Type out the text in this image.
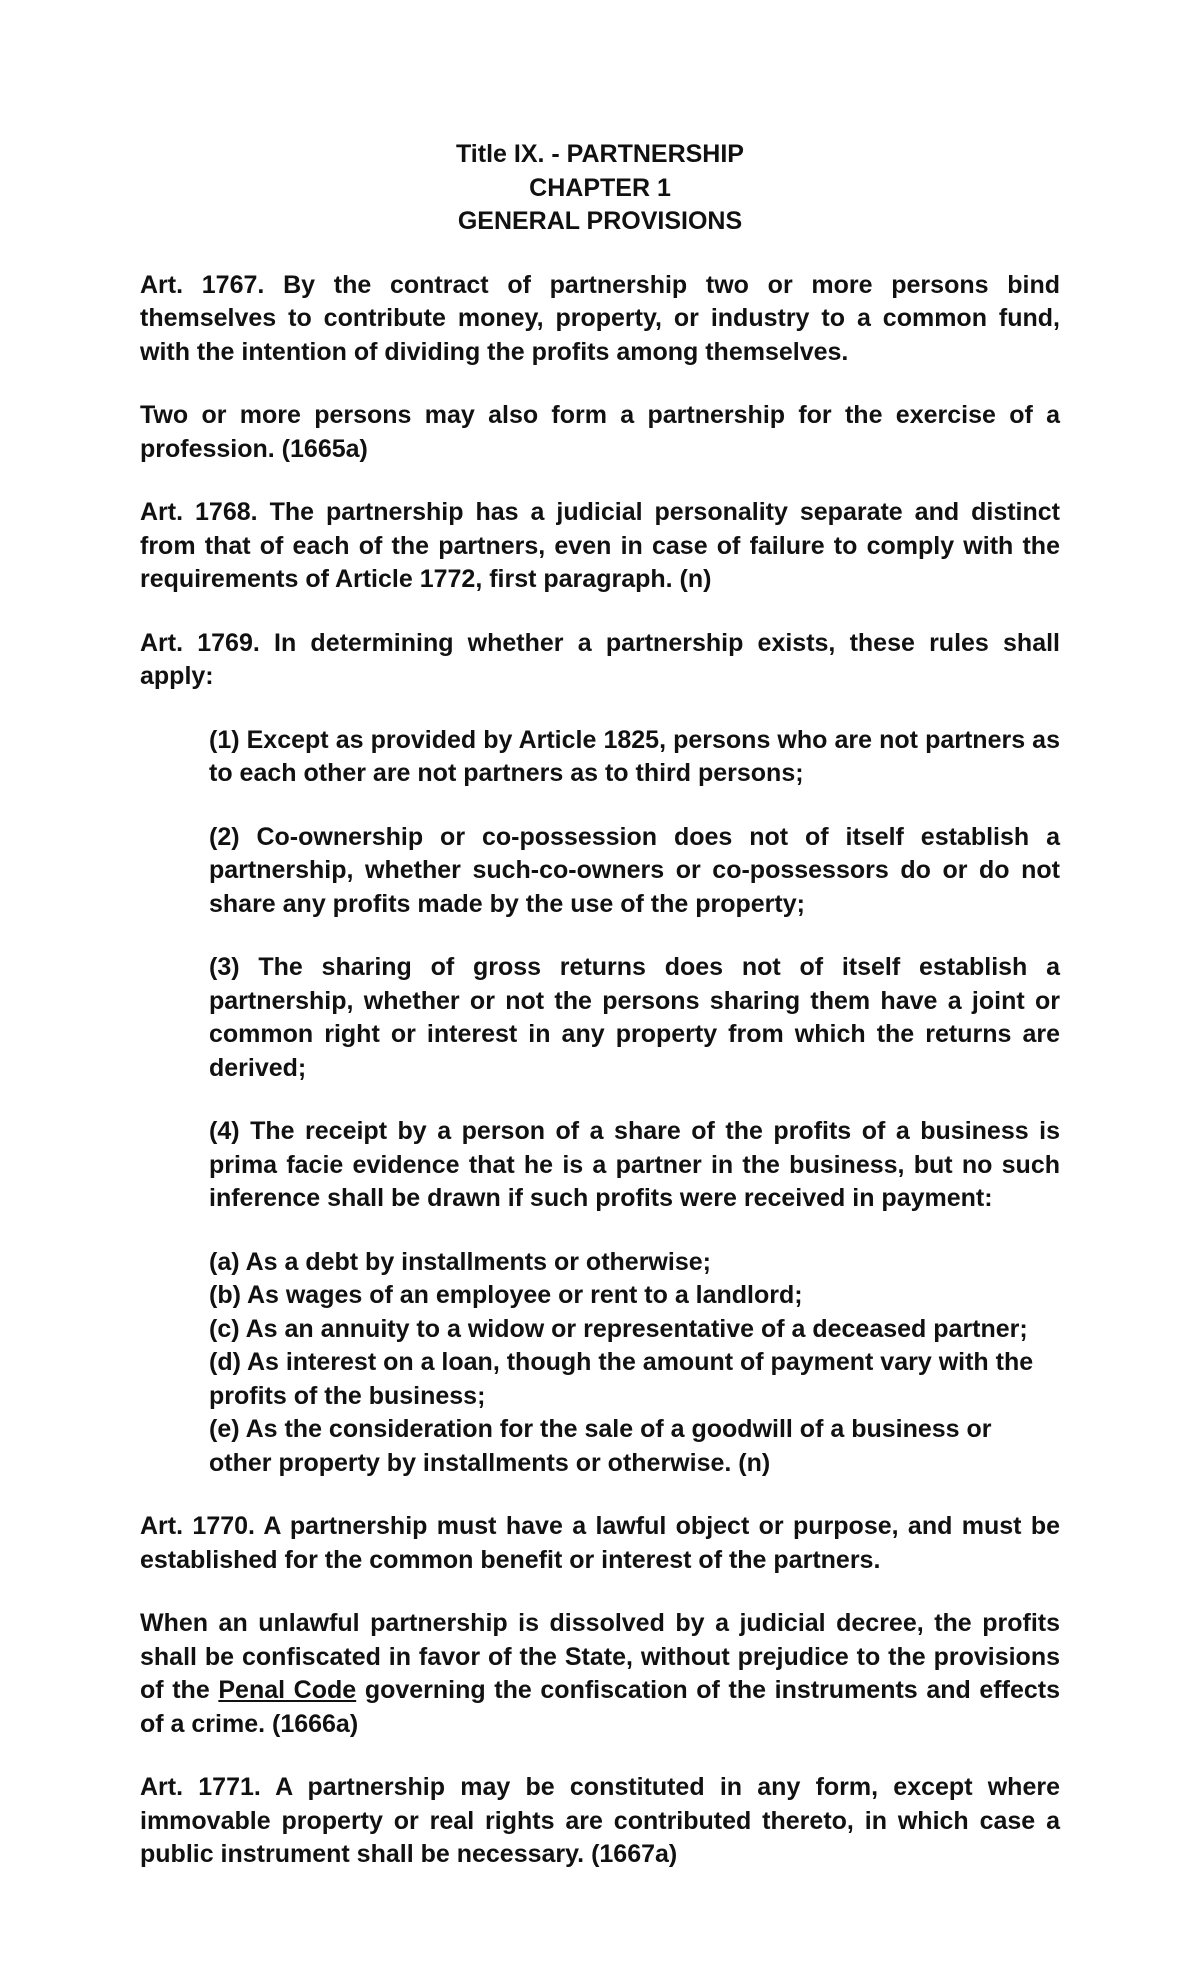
Title IX. - PARTNERSHIP
CHAPTER 1
GENERAL PROVISIONS

Art. 1767. By the contract of partnership two or more persons bind themselves to contribute money, property, or industry to a common fund, with the intention of dividing the profits among themselves.

Two or more persons may also form a partnership for the exercise of a profession. (1665a)

Art. 1768. The partnership has a judicial personality separate and distinct from that of each of the partners, even in case of failure to comply with the requirements of Article 1772, first paragraph. (n)

Art. 1769. In determining whether a partnership exists, these rules shall apply:

(1) Except as provided by Article 1825, persons who are not partners as to each other are not partners as to third persons;

(2) Co-ownership or co-possession does not of itself establish a partnership, whether such-co-owners or co-possessors do or do not share any profits made by the use of the property;

(3) The sharing of gross returns does not of itself establish a partnership, whether or not the persons sharing them have a joint or common right or interest in any property from which the returns are derived;

(4) The receipt by a person of a share of the profits of a business is prima facie evidence that he is a partner in the business, but no such inference shall be drawn if such profits were received in payment:

(a) As a debt by installments or otherwise;
(b) As wages of an employee or rent to a landlord;
(c) As an annuity to a widow or representative of a deceased partner;
(d) As interest on a loan, though the amount of payment vary with the profits of the business;
(e) As the consideration for the sale of a goodwill of a business or other property by installments or otherwise. (n)

Art. 1770. A partnership must have a lawful object or purpose, and must be established for the common benefit or interest of the partners.

When an unlawful partnership is dissolved by a judicial decree, the profits shall be confiscated in favor of the State, without prejudice to the provisions of the Penal Code governing the confiscation of the instruments and effects of a crime. (1666a)

Art. 1771. A partnership may be constituted in any form, except where immovable property or real rights are contributed thereto, in which case a public instrument shall be necessary. (1667a)
